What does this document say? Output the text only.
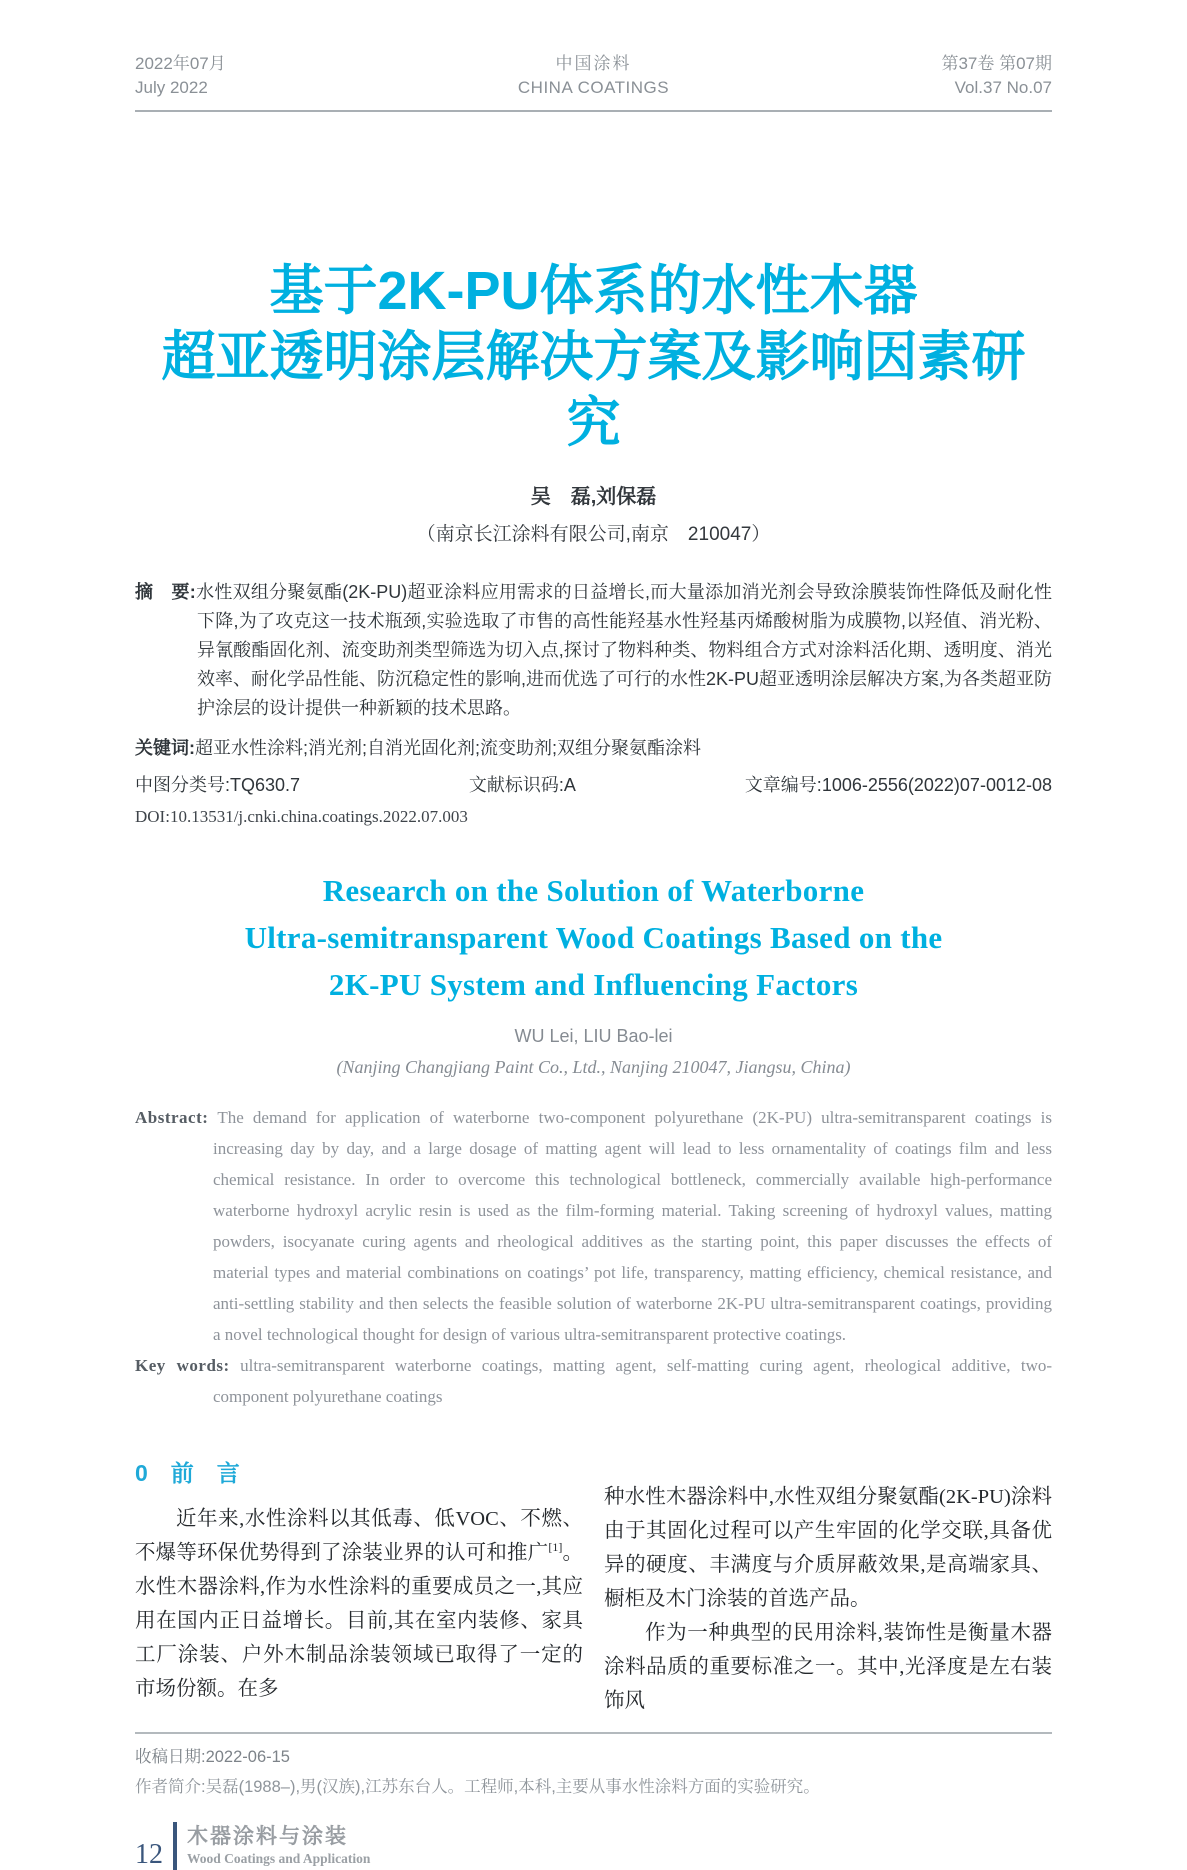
2022年07月
July 2022
中国涂料
CHINA COATINGS
第37卷 第07期
Vol.37 No.07
基于2K-PU体系的水性木器
超亚透明涂层解决方案及影响因素研究
吴　磊,刘保磊
（南京长江涂料有限公司,南京　210047）
摘　要:水性双组分聚氨酯(2K-PU)超亚涂料应用需求的日益增长,而大量添加消光剂会导致涂膜装饰性降低及耐化性下降,为了攻克这一技术瓶颈,实验选取了市售的高性能羟基水性羟基丙烯酸树脂为成膜物,以羟值、消光粉、异氰酸酯固化剂、流变助剂类型筛选为切入点,探讨了物料种类、物料组合方式对涂料活化期、透明度、消光效率、耐化学品性能、防沉稳定性的影响,进而优选了可行的水性2K-PU超亚透明涂层解决方案,为各类超亚防护涂层的设计提供一种新颖的技术思路。
关键词:超亚水性涂料;消光剂;自消光固化剂;流变助剂;双组分聚氨酯涂料
中图分类号:TQ630.7	文献标识码:A	文章编号:1006-2556(2022)07-0012-08
DOI:10.13531/j.cnki.china.coatings.2022.07.003
Research on the Solution of Waterborne
Ultra-semitransparent Wood Coatings Based on the
2K-PU System and Influencing Factors
WU Lei, LIU Bao-lei
(Nanjing Changjiang Paint Co., Ltd., Nanjing 210047, Jiangsu, China)
Abstract: The demand for application of waterborne two-component polyurethane (2K-PU) ultra-semitransparent coatings is increasing day by day, and a large dosage of matting agent will lead to less ornamentality of coatings film and less chemical resistance. In order to overcome this technological bottleneck, commercially available high-performance waterborne hydroxyl acrylic resin is used as the film-forming material. Taking screening of hydroxyl values, matting powders, isocyanate curing agents and rheological additives as the starting point, this paper discusses the effects of material types and material combinations on coatings’ pot life, transparency, matting efficiency, chemical resistance, and anti-settling stability and then selects the feasible solution of waterborne 2K-PU ultra-semitransparent coatings, providing a novel technological thought for design of various ultra-semitransparent protective coatings.
Key words: ultra-semitransparent waterborne coatings, matting agent, self-matting curing agent, rheological additive, two-component polyurethane coatings
0　前　言
近年来,水性涂料以其低毒、低VOC、不燃、不爆等环保优势得到了涂装业界的认可和推广[1]。水性木器涂料,作为水性涂料的重要成员之一,其应用在国内正日益增长。目前,其在室内装修、家具工厂涂装、户外木制品涂装领域已取得了一定的市场份额。在多
种水性木器涂料中,水性双组分聚氨酯(2K-PU)涂料由于其固化过程可以产生牢固的化学交联,具备优异的硬度、丰满度与介质屏蔽效果,是高端家具、橱柜及木门涂装的首选产品。
作为一种典型的民用涂料,装饰性是衡量木器涂料品质的重要标准之一。其中,光泽度是左右装饰风
收稿日期:2022-06-15
作者简介:吴磊(1988–),男(汉族),江苏东台人。工程师,本科,主要从事水性涂料方面的实验研究。
12
木器涂料与涂装
Wood Coatings and Application
